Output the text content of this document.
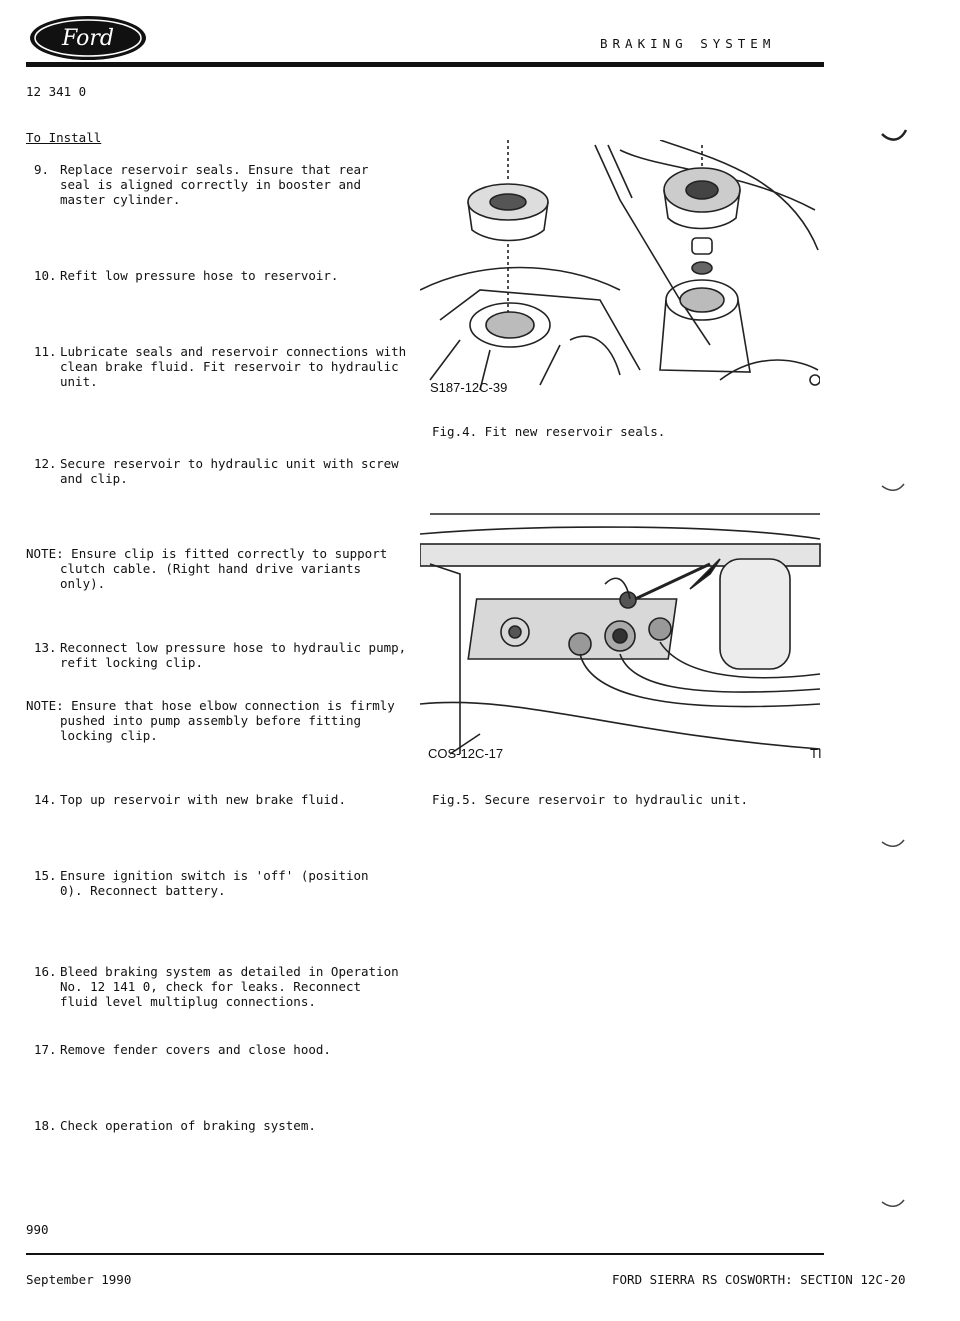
Ford	BRAKING SYSTEM
12 341 0
To Install
9. Replace reservoir seals. Ensure that rear
seal is aligned correctly in booster and
master cylinder.
10. Refit low pressure hose to reservoir.
11. Lubricate seals and reservoir connections with
clean brake fluid. Fit reservoir to hydraulic
unit.
12. Secure reservoir to hydraulic unit with screw
and clip.
NOTE: Ensure clip is fitted correctly to support
clutch cable. (Right hand drive variants
only).
13. Reconnect low pressure hose to hydraulic pump,
refit locking clip.
NOTE: Ensure that hose elbow connection is firmly
pushed into pump assembly before fitting
locking clip.
14. Top up reservoir with new brake fluid.
15. Ensure ignition switch is 'off' (position
0). Reconnect battery.
16. Bleed braking system as detailed in Operation
No. 12 141 0, check for leaks. Reconnect
fluid level multiplug connections.
17. Remove fender covers and close hood.
18. Check operation of braking system.
S187-12C-39
Fig.4. Fit new reservoir seals.
COS-12C-17	TI
Fig.5. Secure reservoir to hydraulic unit.
990
September 1990	FORD SIERRA RS COSWORTH: SECTION 12C-20
